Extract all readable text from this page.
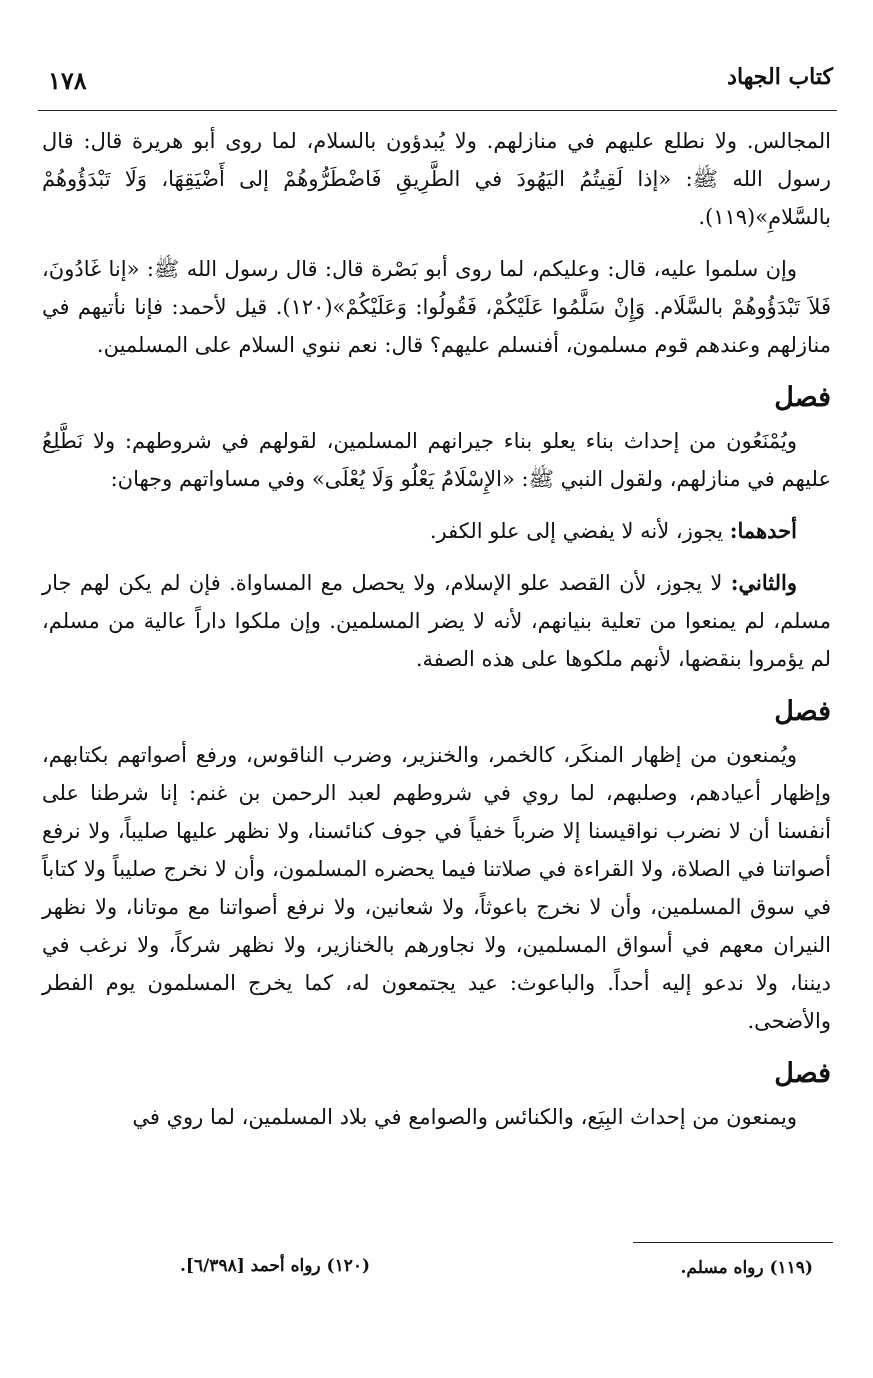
١٧٨	كتاب الجهاد

المجالس. ولا نطلع عليهم في منازلهم. ولا يُبدؤون بالسلام، لما روى أبو هريرة قال: قال رسول الله ﷺ: «إذا لَقِيتُمُ اليَهُودَ في الطَّرِيقِ فَاضْطَرُّوهُمْ إلى أَضْيَقِهَا، وَلَا تَبْدَؤُوهُمْ بالسَّلامِ»(١١٩).

وإن سلموا عليه، قال: وعليكم، لما روى أبو بَصْرة قال: قال رسول الله ﷺ: «إنا غَادُونَ، فَلاَ تَبْدَؤُوهُمْ بالسَّلَام. وَإِنْ سَلَّمُوا عَلَيْكُمْ، فَقُولُوا: وَعَلَيْكُمْ»(١٢٠). قيل لأحمد: فإنا نأتيهم في منازلهم وعندهم قوم مسلمون، أفنسلم عليهم؟ قال: نعم ننوي السلام على المسلمين.

فصل

ويُمْنَعُون من إحداث بناء يعلو بناء جيرانهم المسلمين، لقولهم في شروطهم: ولا نَطَّلِعُ عليهم في منازلهم، ولقول النبي ﷺ: «الإِسْلَامُ يَعْلُو وَلَا يُعْلَى» وفي مساواتهم وجهان:

أحدهما: يجوز، لأنه لا يفضي إلى علو الكفر.

والثاني: لا يجوز، لأن القصد علو الإسلام، ولا يحصل مع المساواة. فإن لم يكن لهم جار مسلم، لم يمنعوا من تعلية بنيانهم، لأنه لا يضر المسلمين. وإن ملكوا داراً عالية من مسلم، لم يؤمروا بنقضها، لأنهم ملكوها على هذه الصفة.

فصل

ويُمنعون من إظهار المنكَر، كالخمر، والخنزير، وضرب الناقوس، ورفع أصواتهم بكتابهم، وإظهار أعيادهم، وصلبهم، لما روي في شروطهم لعبد الرحمن بن غنم: إنا شرطنا على أنفسنا أن لا نضرب نواقيسنا إلا ضرباً خفياً في جوف كنائسنا، ولا نظهر عليها صليباً، ولا نرفع أصواتنا في الصلاة، ولا القراءة في صلاتنا فيما يحضره المسلمون، وأن لا نخرج صليباً ولا كتاباً في سوق المسلمين، وأن لا نخرج باعوثاً، ولا شعانين، ولا نرفع أصواتنا مع موتانا، ولا نظهر النيران معهم في أسواق المسلمين، ولا نجاورهم بالخنازير، ولا نظهر شركاً، ولا نرغب في ديننا، ولا ندعو إليه أحداً. والباعوث: عيد يجتمعون له، كما يخرج المسلمون يوم الفطر والأضحى.

فصل

ويمنعون من إحداث البِيَع، والكنائس والصوامع في بلاد المسلمين، لما روي في

(١١٩) رواه مسلم.
(١٢٠) رواه أحمد [٦/٣٩٨].
